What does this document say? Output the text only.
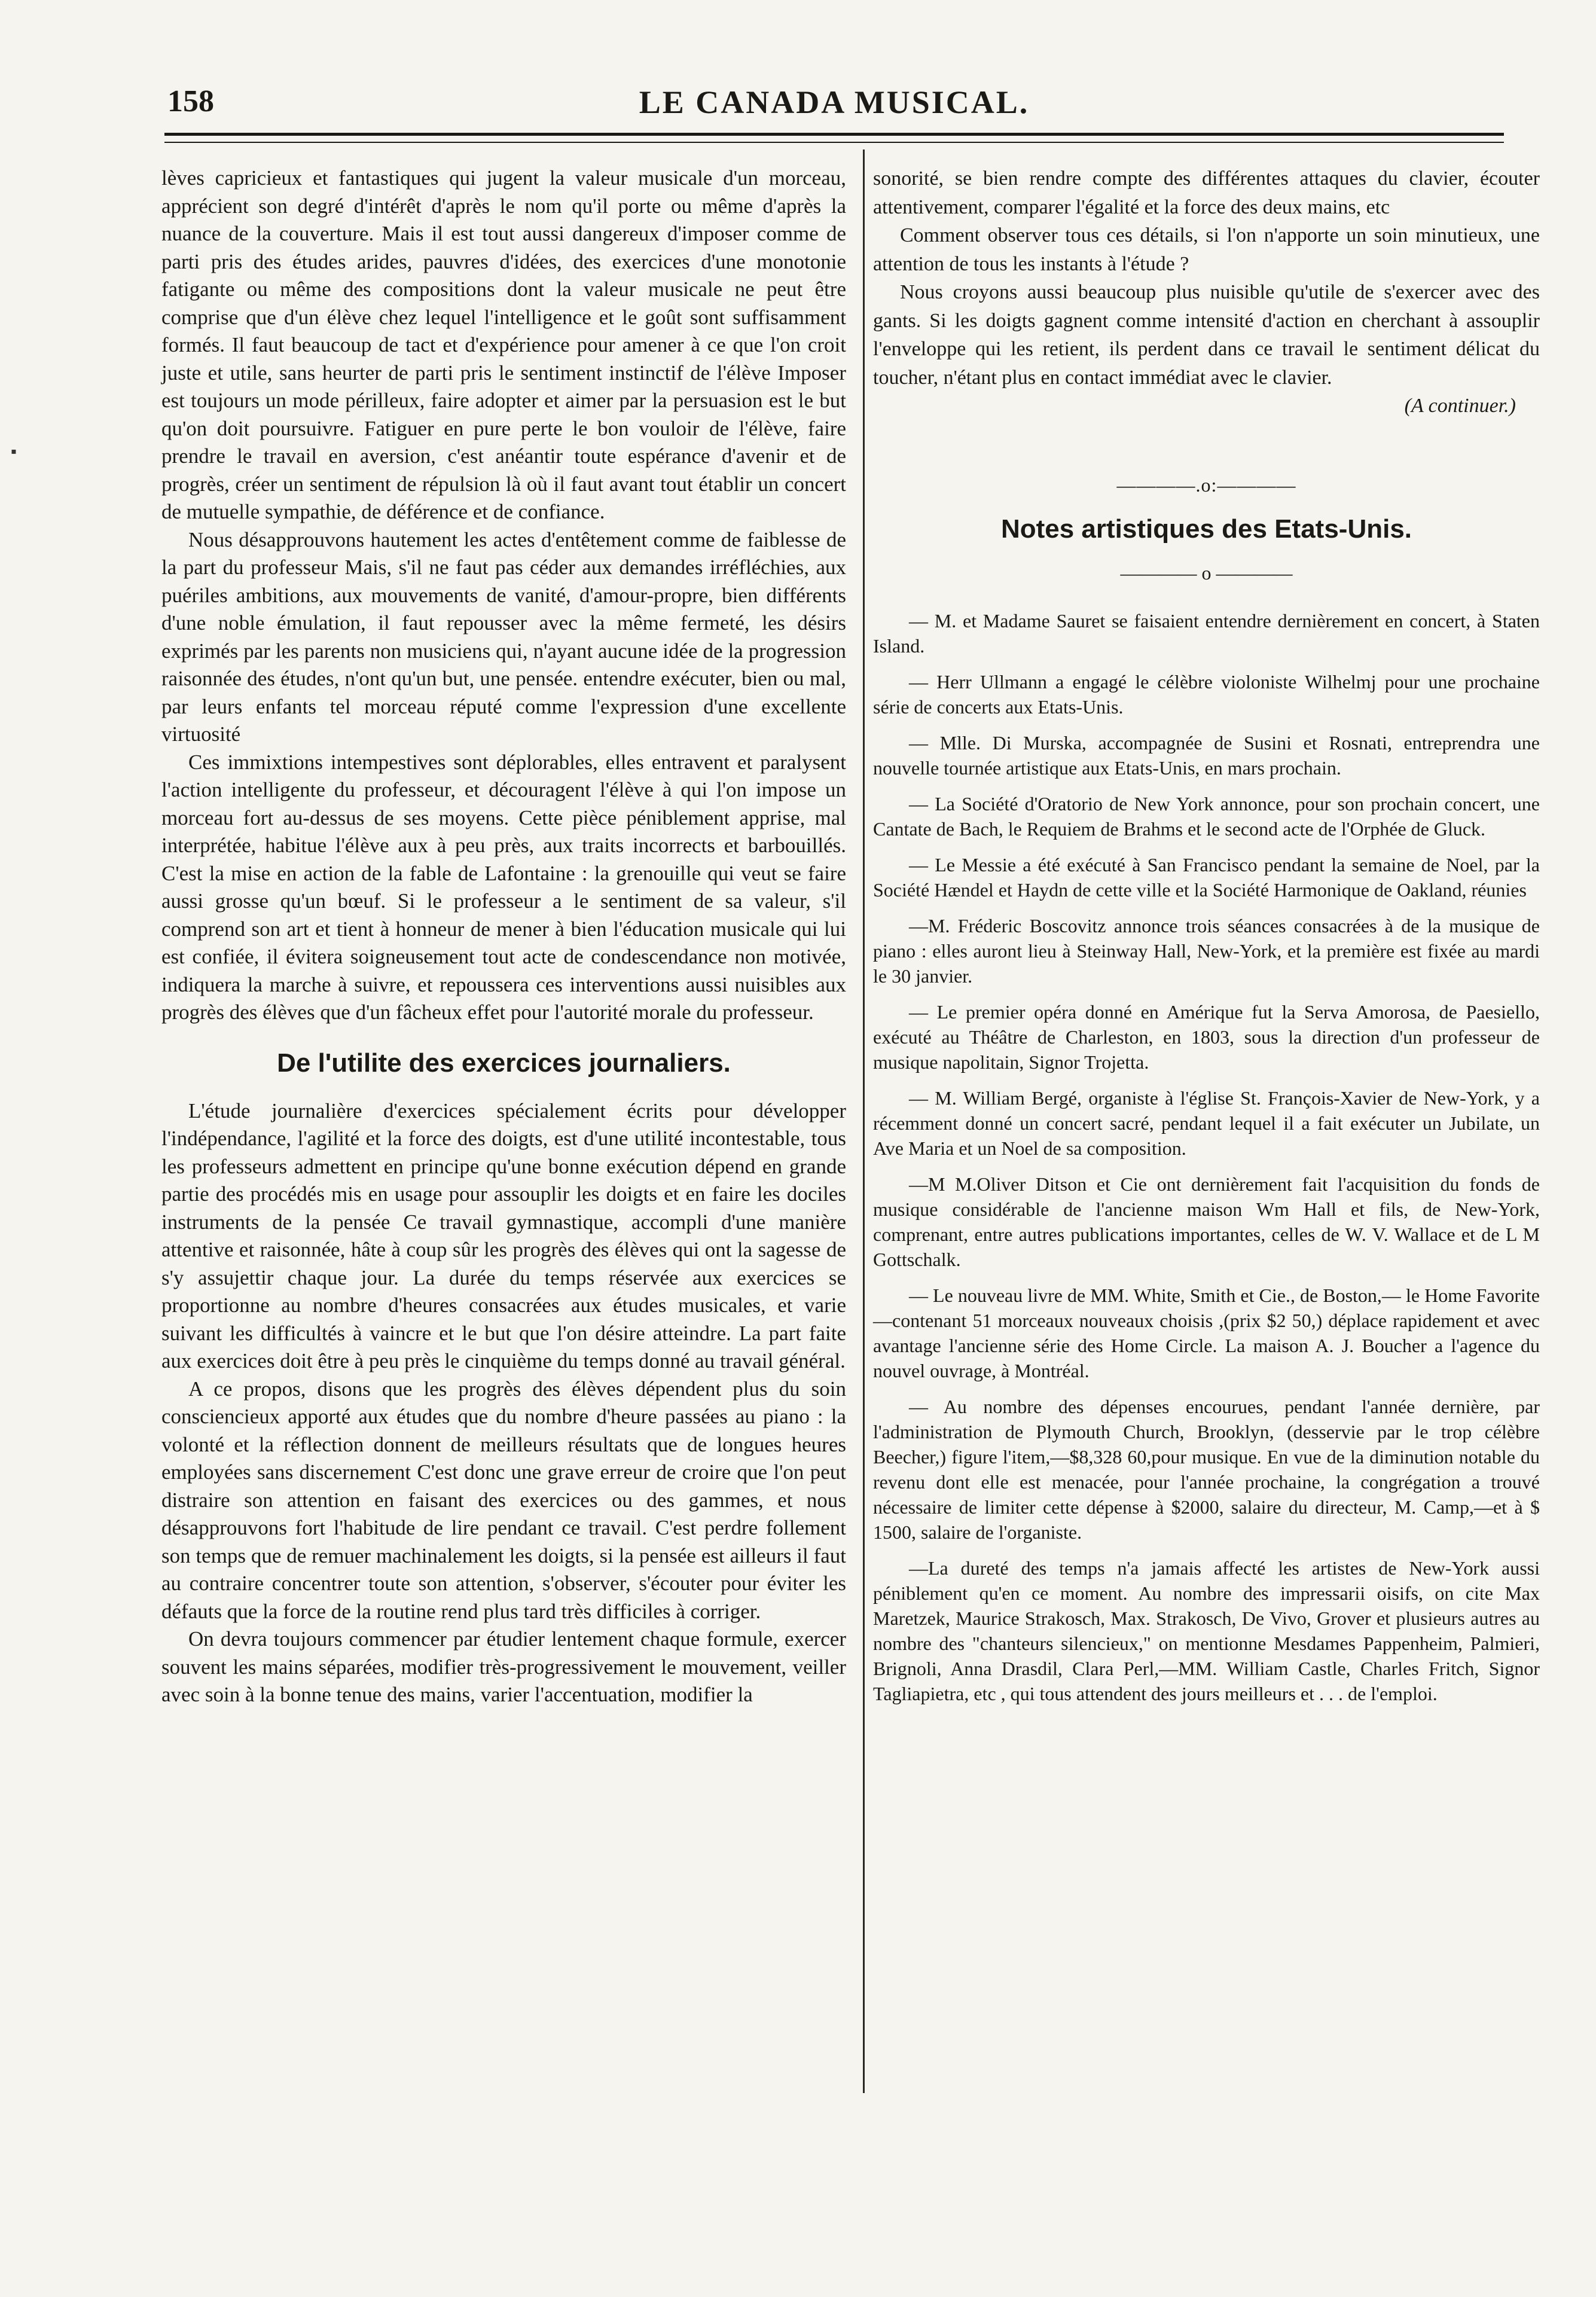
158	LE CANADA MUSICAL.
▪

lèves capricieux et fantastiques qui jugent la valeur musicale d'un morceau, apprécient son degré d'intérêt d'après le nom qu'il porte ou même d'après la nuance de la couverture. Mais il est tout aussi dangereux d'imposer comme de parti pris des études arides, pauvres d'idées, des exercices d'une monotonie fatigante ou même des compositions dont la valeur musicale ne peut être comprise que d'un élève chez lequel l'intelligence et le goût sont suffisamment formés. Il faut beaucoup de tact et d'expérience pour amener à ce que l'on croit juste et utile, sans heurter de parti pris le sentiment instinctif de l'élève Imposer est toujours un mode périlleux, faire adopter et aimer par la persuasion est le but qu'on doit poursuivre. Fatiguer en pure perte le bon vouloir de l'élève, faire prendre le travail en aversion, c'est anéantir toute espérance d'avenir et de progrès, créer un sentiment de répulsion là où il faut avant tout établir un concert de mutuelle sympathie, de déférence et de confiance.

Nous désapprouvons hautement les actes d'entêtement comme de faiblesse de la part du professeur Mais, s'il ne faut pas céder aux demandes irréfléchies, aux puériles ambitions, aux mouvements de vanité, d'amour-propre, bien différents d'une noble émulation, il faut repousser avec la même fermeté, les désirs exprimés par les parents non musiciens qui, n'ayant aucune idée de la progression raisonnée des études, n'ont qu'un but, une pensée. entendre exécuter, bien ou mal, par leurs enfants tel morceau réputé comme l'expression d'une excellente virtuosité

Ces immixtions intempestives sont déplorables, elles entravent et paralysent l'action intelligente du professeur, et découragent l'élève à qui l'on impose un morceau fort au-dessus de ses moyens. Cette pièce péniblement apprise, mal interprétée, habitue l'élève aux à peu près, aux traits incorrects et barbouillés. C'est la mise en action de la fable de Lafontaine : la grenouille qui veut se faire aussi grosse qu'un bœuf. Si le professeur a le sentiment de sa valeur, s'il comprend son art et tient à honneur de mener à bien l'éducation musicale qui lui est confiée, il évitera soigneusement tout acte de condescendance non motivée, indiquera la marche à suivre, et repoussera ces interventions aussi nuisibles aux progrès des élèves que d'un fâcheux effet pour l'autorité morale du professeur.

De l'utilite des exercices journaliers.

L'étude journalière d'exercices spécialement écrits pour développer l'indépendance, l'agilité et la force des doigts, est d'une utilité incontestable, tous les professeurs admettent en principe qu'une bonne exécution dépend en grande partie des procédés mis en usage pour assouplir les doigts et en faire les dociles instruments de la pensée Ce travail gymnastique, accompli d'une manière attentive et raisonnée, hâte à coup sûr les progrès des élèves qui ont la sagesse de s'y assujettir chaque jour. La durée du temps réservée aux exercices se proportionne au nombre d'heures consacrées aux études musicales, et varie suivant les difficultés à vaincre et le but que l'on désire atteindre. La part faite aux exercices doit être à peu près le cinquième du temps donné au travail général.

A ce propos, disons que les progrès des élèves dépendent plus du soin consciencieux apporté aux études que du nombre d'heure passées au piano : la volonté et la réflection donnent de meilleurs résultats que de longues heures employées sans discernement C'est donc une grave erreur de croire que l'on peut distraire son attention en faisant des exercices ou des gammes, et nous désapprouvons fort l'habitude de lire pendant ce travail. C'est perdre follement son temps que de remuer machinalement les doigts, si la pensée est ailleurs il faut au contraire concentrer toute son attention, s'observer, s'écouter pour éviter les défauts que la force de la routine rend plus tard très difficiles à corriger.

On devra toujours commencer par étudier lentement chaque formule, exercer souvent les mains séparées, modifier très-progressivement le mouvement, veiller avec soin à la bonne tenue des mains, varier l'accentuation, modifier la

sonorité, se bien rendre compte des différentes attaques du clavier, écouter attentivement, comparer l'égalité et la force des deux mains, etc

Comment observer tous ces détails, si l'on n'apporte un soin minutieux, une attention de tous les instants à l'étude ?

Nous croyons aussi beaucoup plus nuisible qu'utile de s'exercer avec des gants. Si les doigts gagnent comme intensité d'action en cherchant à assouplir l'enveloppe qui les retient, ils perdent dans ce travail le sentiment délicat du toucher, n'étant plus en contact immédiat avec le clavier.

(A continuer.)
————.o:————
Notes artistiques des Etats-Unis.
———— o ————

— M. et Madame Sauret se faisaient entendre dernièrement en concert, à Staten Island.

— Herr Ullmann a engagé le célèbre violoniste Wilhelmj pour une prochaine série de concerts aux Etats-Unis.

— Mlle. Di Murska, accompagnée de Susini et Rosnati, entreprendra une nouvelle tournée artistique aux Etats-Unis, en mars prochain.

— La Société d'Oratorio de New York annonce, pour son prochain concert, une Cantate de Bach, le Requiem de Brahms et le second acte de l'Orphée de Gluck.

— Le Messie a été exécuté à San Francisco pendant la semaine de Noel, par la Société Hændel et Haydn de cette ville et la Société Harmonique de Oakland, réunies

—M. Fréderic Boscovitz annonce trois séances consacrées à de la musique de piano : elles auront lieu à Steinway Hall, New-York, et la première est fixée au mardi le 30 janvier.

— Le premier opéra donné en Amérique fut la Serva Amorosa, de Paesiello, exécuté au Théâtre de Charleston, en 1803, sous la direction d'un professeur de musique napolitain, Signor Trojetta.

— M. William Bergé, organiste à l'église St. François-Xavier de New-York, y a récemment donné un concert sacré, pendant lequel il a fait exécuter un Jubilate, un Ave Maria et un Noel de sa composition.

—M M.Oliver Ditson et Cie ont dernièrement fait l'acquisition du fonds de musique considérable de l'ancienne maison Wm Hall et fils, de New-York, comprenant, entre autres publications importantes, celles de W. V. Wallace et de L M Gottschalk.

— Le nouveau livre de MM. White, Smith et Cie., de Boston,— le Home Favorite—contenant 51 morceaux nouveaux choisis ,(prix $2 50,) déplace rapidement et avec avantage l'ancienne série des Home Circle. La maison A. J. Boucher a l'agence du nouvel ouvrage, à Montréal.

— Au nombre des dépenses encourues, pendant l'année dernière, par l'administration de Plymouth Church, Brooklyn, (desservie par le trop célèbre Beecher,) figure l'item,—$8,328 60,pour musique. En vue de la diminution notable du revenu dont elle est menacée, pour l'année prochaine, la congrégation a trouvé nécessaire de limiter cette dépense à $2000, salaire du directeur, M. Camp,—et à $ 1500, salaire de l'organiste.

—La dureté des temps n'a jamais affecté les artistes de New-York aussi péniblement qu'en ce moment. Au nombre des impressarii oisifs, on cite Max Maretzek, Maurice Strakosch, Max. Strakosch, De Vivo, Grover et plusieurs autres au nombre des "chanteurs silencieux," on mentionne Mesdames Pappenheim, Palmieri, Brignoli, Anna Drasdil, Clara Perl,—MM. William Castle, Charles Fritch, Signor Tagliapietra, etc , qui tous attendent des jours meilleurs et . . . de l'emploi.
